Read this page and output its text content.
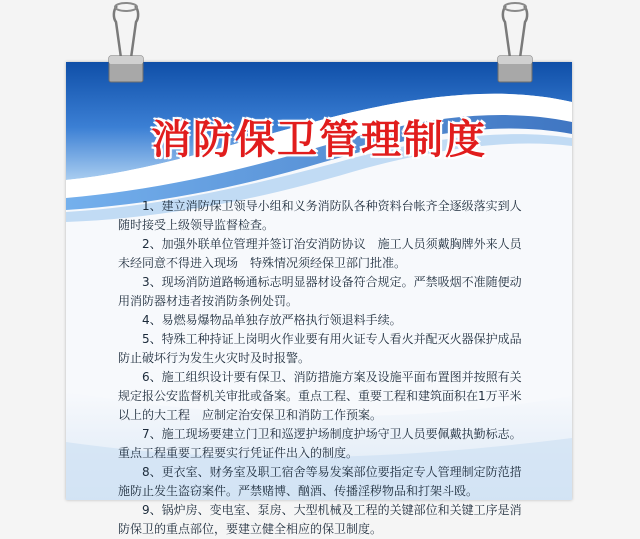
消防保卫管理制度

1、建立消防保卫领导小组和义务消防队各种资料台帐齐全逐级落实到人随时接受上级领导监督检查。

2、加强外联单位管理并签订治安消防协议　施工人员须戴胸牌外来人员未经同意不得进入现场　特殊情况须经保卫部门批准。

3、现场消防道路畅通标志明显器材设备符合规定。严禁吸烟不准随便动用消防器材违者按消防条例处罚。

4、易燃易爆物品单独存放严格执行领退料手续。

5、特殊工种持证上岗明火作业要有用火证专人看火并配灭火器保护成品防止破坏行为发生火灾时及时报警。

6、施工组织设计要有保卫、消防措施方案及设施平面布置图并按照有关规定报公安监督机关审批或备案。重点工程、重要工程和建筑面积在1万平米以上的大工程　应制定治安保卫和消防工作预案。

7、施工现场要建立门卫和巡逻护场制度护场守卫人员要佩戴执勤标志。重点工程重要工程要实行凭证件出入的制度。

8、更衣室、财务室及职工宿舍等易发案部位要指定专人管理制定防范措施防止发生盗窃案件。严禁赌博、酗酒、传播淫秽物品和打架斗殴。

9、锅炉房、变电室、泵房、大型机械及工程的关键部位和关键工序是消防保卫的重点部位，要建立健全相应的保卫制度。
